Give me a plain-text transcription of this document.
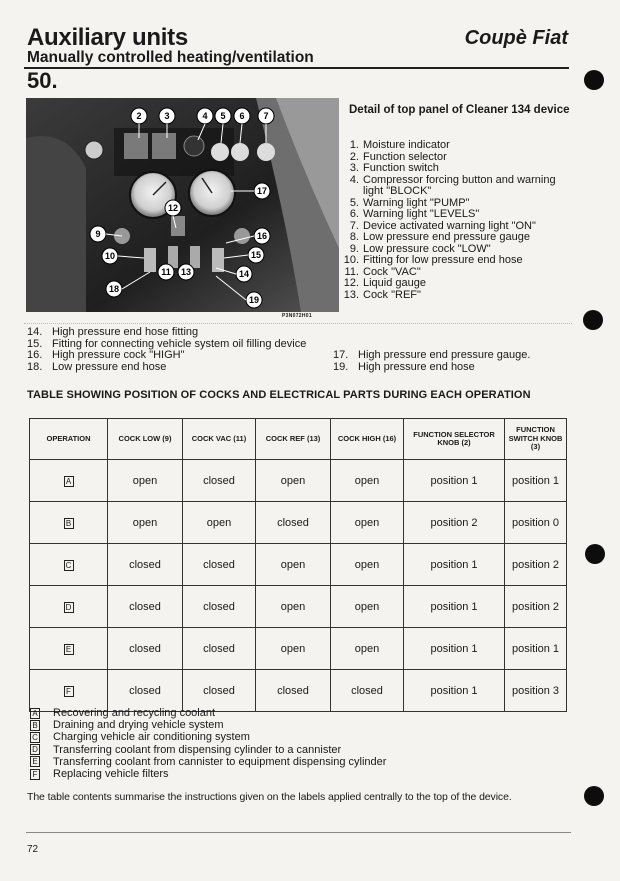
Auxiliary units	Coupè Fiat
Manually controlled heating/ventilation
50.
2	3	4 5 6 7
17
12
16
9
15
10
11 13	14
18
19
P3N072H01
Detail of top panel of Cleaner 134 device
1. Moisture indicator
2. Function selector
3. Function switch
4. Compressor forcing button and warning light "BLOCK"
5. Warning light "PUMP"
6. Warning light "LEVELS"
7. Device activated warning light "ON"
8. Low pressure end pressure gauge
9. Low pressure cock "LOW"
10. Fitting for low pressure end hose
11. Cock "VAC"
12. Liquid gauge
13. Cock "REF"
14. High pressure end hose fitting
15. Fitting for connecting vehicle system oil filling device
16. High pressure cock "HIGH"
18. Low pressure end hose
17. High pressure end pressure gauge.
19. High pressure end hose
TABLE SHOWING POSITION OF COCKS AND ELECTRICAL PARTS DURING EACH OPERATION
OPERATION	COCK LOW (9)	COCK VAC (11)	COCK REF (13)	COCK HIGH (16)	FUNCTION SELECTOR KNOB (2)	FUNCTION SWITCH KNOB (3)
A	open	closed	open	open	position 1	position 1
B	open	open	closed	open	position 2	position 0
C	closed	closed	open	open	position 1	position 2
D	closed	closed	open	open	position 1	position 2
E	closed	closed	open	open	position 1	position 1
F	closed	closed	closed	closed	position 1	position 3
A Recovering and recycling coolant
B Draining and drying vehicle system
C Charging vehicle air conditioning system
D Transferring coolant from dispensing cylinder to a cannister
E Transferring coolant from cannister to equipment dispensing cylinder
F Replacing vehicle filters
The table contents summarise the instructions given on the labels applied centrally to the top of the device.
72
